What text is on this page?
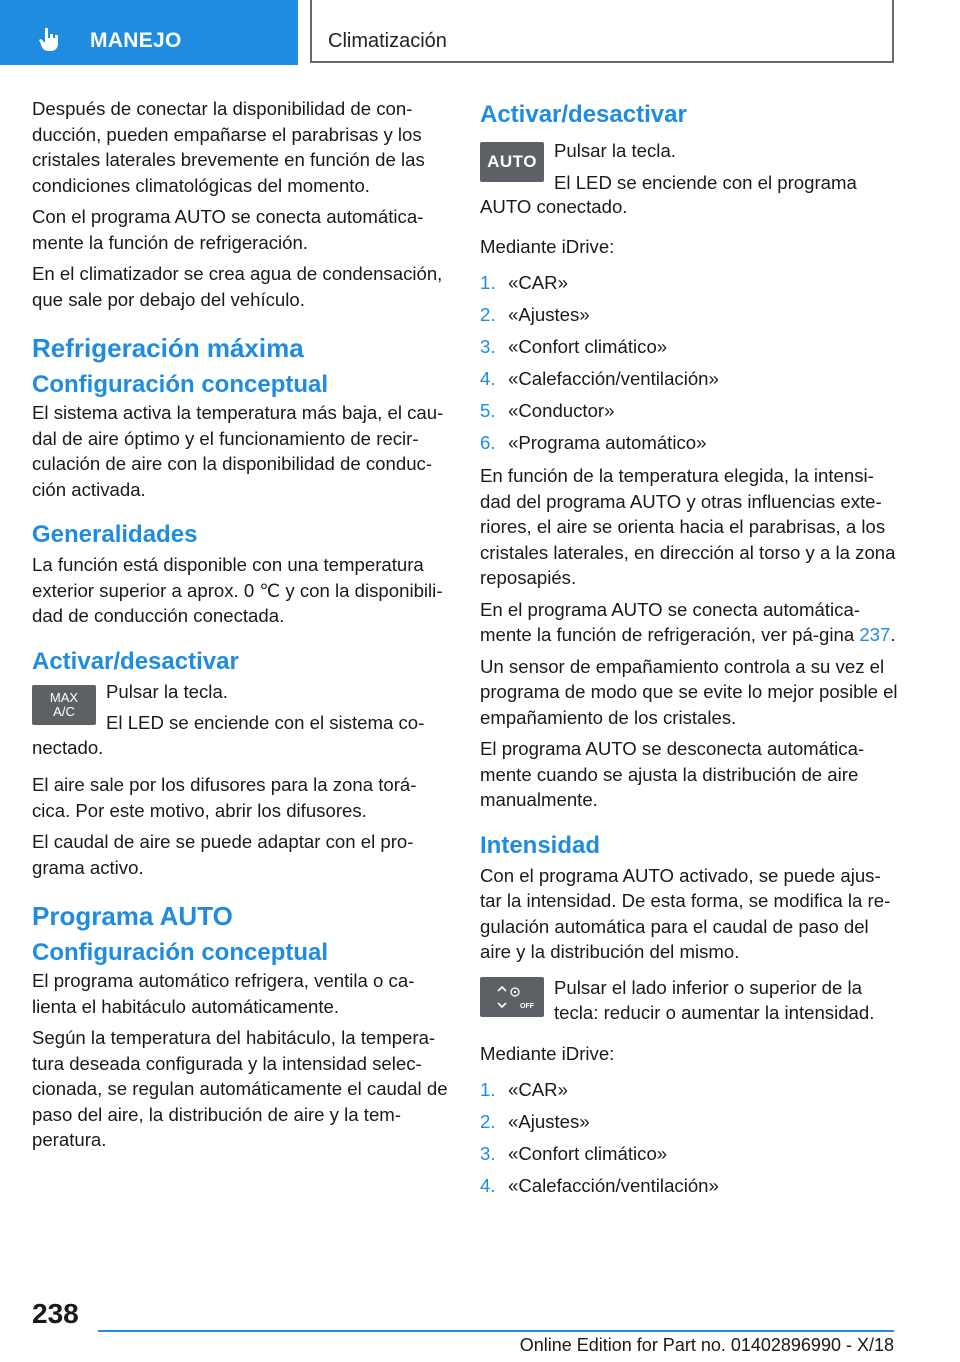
MANEJO	Climatización

Después de conectar la disponibilidad de con-ducción, pueden empañarse el parabrisas y los cristales laterales brevemente en función de las condiciones climatológicas del momento.

Con el programa AUTO se conecta automática-mente la función de refrigeración.

En el climatizador se crea agua de condensación, que sale por debajo del vehículo.

Refrigeración máxima
Configuración conceptual

El sistema activa la temperatura más baja, el cau-dal de aire óptimo y el funcionamiento de recir-culación de aire con la disponibilidad de conduc-ción activada.

Generalidades

La función está disponible con una temperatura exterior superior a aprox. 0 ℃ y con la disponibili-dad de conducción conectada.

Activar/desactivar
MAX
A/C

Pulsar la tecla.

El LED se enciende con el sistema co-

nectado.

El aire sale por los difusores para la zona torá-cica. Por este motivo, abrir los difusores.

El caudal de aire se puede adaptar con el pro-grama activo.

Programa AUTO
Configuración conceptual

El programa automático refrigera, ventila o ca-lienta el habitáculo automáticamente.

Según la temperatura del habitáculo, la tempera-tura deseada configurada y la intensidad selec-cionada, se regulan automáticamente el caudal de paso del aire, la distribución de aire y la tem-peratura.

Activar/desactivar
AUTO

Pulsar la tecla.

El LED se enciende con el programa

AUTO conectado.

Mediante iDrive:

1. «CAR»
2. «Ajustes»
3. «Confort climático»
4. «Calefacción/ventilación»
5. «Conductor»
6. «Programa automático»

En función de la temperatura elegida, la intensi-dad del programa AUTO y otras influencias exte-riores, el aire se orienta hacia el parabrisas, a los cristales laterales, en dirección al torso y a la zona reposapiés.

En el programa AUTO se conecta automática-mente la función de refrigeración, ver pá-gina 237.

Un sensor de empañamiento controla a su vez el programa de modo que se evite lo mejor posible el empañamiento de los cristales.

El programa AUTO se desconecta automática-mente cuando se ajusta la distribución de aire manualmente.

Intensidad

Con el programa AUTO activado, se puede ajus-tar la intensidad. De esta forma, se modifica la re-gulación automática para el caudal de paso del aire y la distribución del mismo.

OFF

Pulsar el lado inferior o superior de la tecla: reducir o aumentar la intensidad.

Mediante iDrive:

1. «CAR»
2. «Ajustes»
3. «Confort climático»
4. «Calefacción/ventilación»
238
Online Edition for Part no. 01402896990 - X/18
